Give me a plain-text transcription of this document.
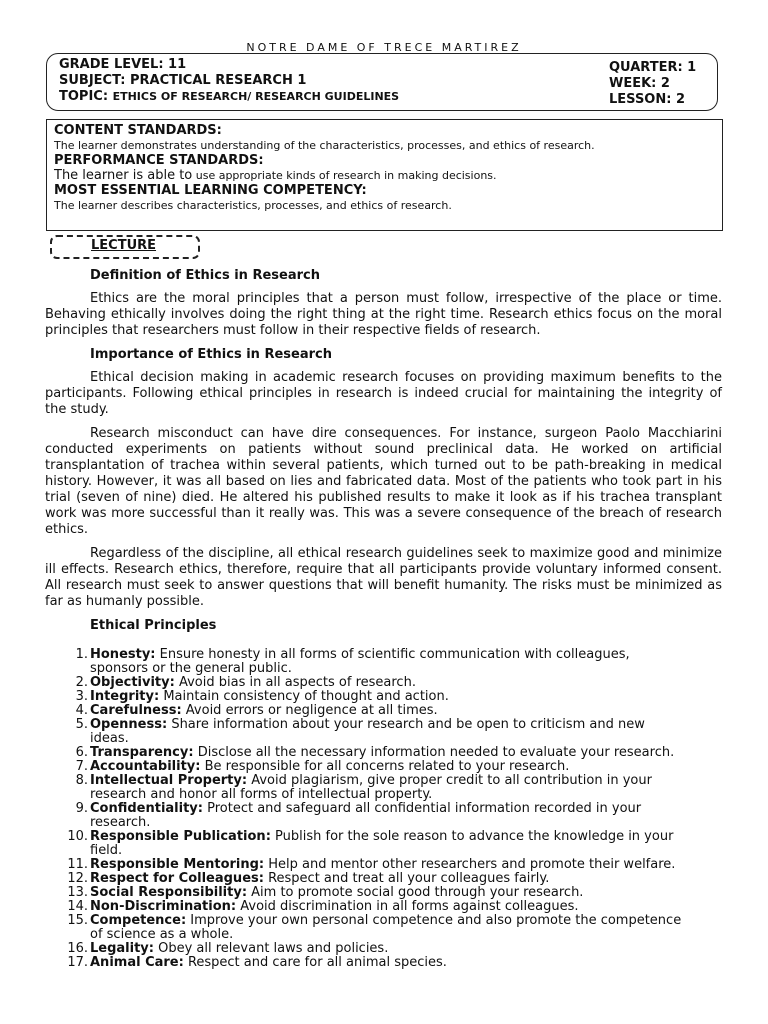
NOTRE DAME OF TRECE MARTIREZ
GRADE LEVEL: 11
SUBJECT: PRACTICAL RESEARCH 1
TOPIC: ETHICS OF RESEARCH/ RESEARCH GUIDELINES
QUARTER: 1
WEEK: 2
LESSON: 2
CONTENT STANDARDS:
The learner demonstrates understanding of the characteristics, processes, and ethics of research.
PERFORMANCE STANDARDS:
The learner is able to use appropriate kinds of research in making decisions.
MOST ESSENTIAL LEARNING COMPETENCY:
The learner describes characteristics, processes, and ethics of research.
LECTURE

Definition of Ethics in Research

Ethics are the moral principles that a person must follow, irrespective of the place or time. Behaving ethically involves doing the right thing at the right time. Research ethics focus on the moral principles that researchers must follow in their respective fields of research.

Importance of Ethics in Research

Ethical decision making in academic research focuses on providing maximum benefits to the participants. Following ethical principles in research is indeed crucial for maintaining the integrity of the study.

Research misconduct can have dire consequences. For instance, surgeon Paolo Macchiarini conducted experiments on patients without sound preclinical data. He worked on artificial transplantation of trachea within several patients, which turned out to be path-breaking in medical history. However, it was all based on lies and fabricated data. Most of the patients who took part in his trial (seven of nine) died. He altered his published results to make it look as if his trachea transplant work was more successful than it really was. This was a severe consequence of the breach of research ethics.

Regardless of the discipline, all ethical research guidelines seek to maximize good and minimize ill effects. Research ethics, therefore, require that all participants provide voluntary informed consent. All research must seek to answer questions that will benefit humanity. The risks must be minimized as far as humanly possible.

Ethical Principles

1. Honesty: Ensure honesty in all forms of scientific communication with colleagues, sponsors or the general public.
2. Objectivity: Avoid bias in all aspects of research.
3. Integrity: Maintain consistency of thought and action.
4. Carefulness: Avoid errors or negligence at all times.
5. Openness: Share information about your research and be open to criticism and new ideas.
6. Transparency: Disclose all the necessary information needed to evaluate your research.
7. Accountability: Be responsible for all concerns related to your research.
8. Intellectual Property: Avoid plagiarism, give proper credit to all contribution in your research and honor all forms of intellectual property.
9. Confidentiality: Protect and safeguard all confidential information recorded in your research.
10. Responsible Publication: Publish for the sole reason to advance the knowledge in your field.
11. Responsible Mentoring: Help and mentor other researchers and promote their welfare.
12. Respect for Colleagues: Respect and treat all your colleagues fairly.
13. Social Responsibility: Aim to promote social good through your research.
14. Non-Discrimination: Avoid discrimination in all forms against colleagues.
15. Competence: Improve your own personal competence and also promote the competence of science as a whole.
16. Legality: Obey all relevant laws and policies.
17. Animal Care: Respect and care for all animal species.
